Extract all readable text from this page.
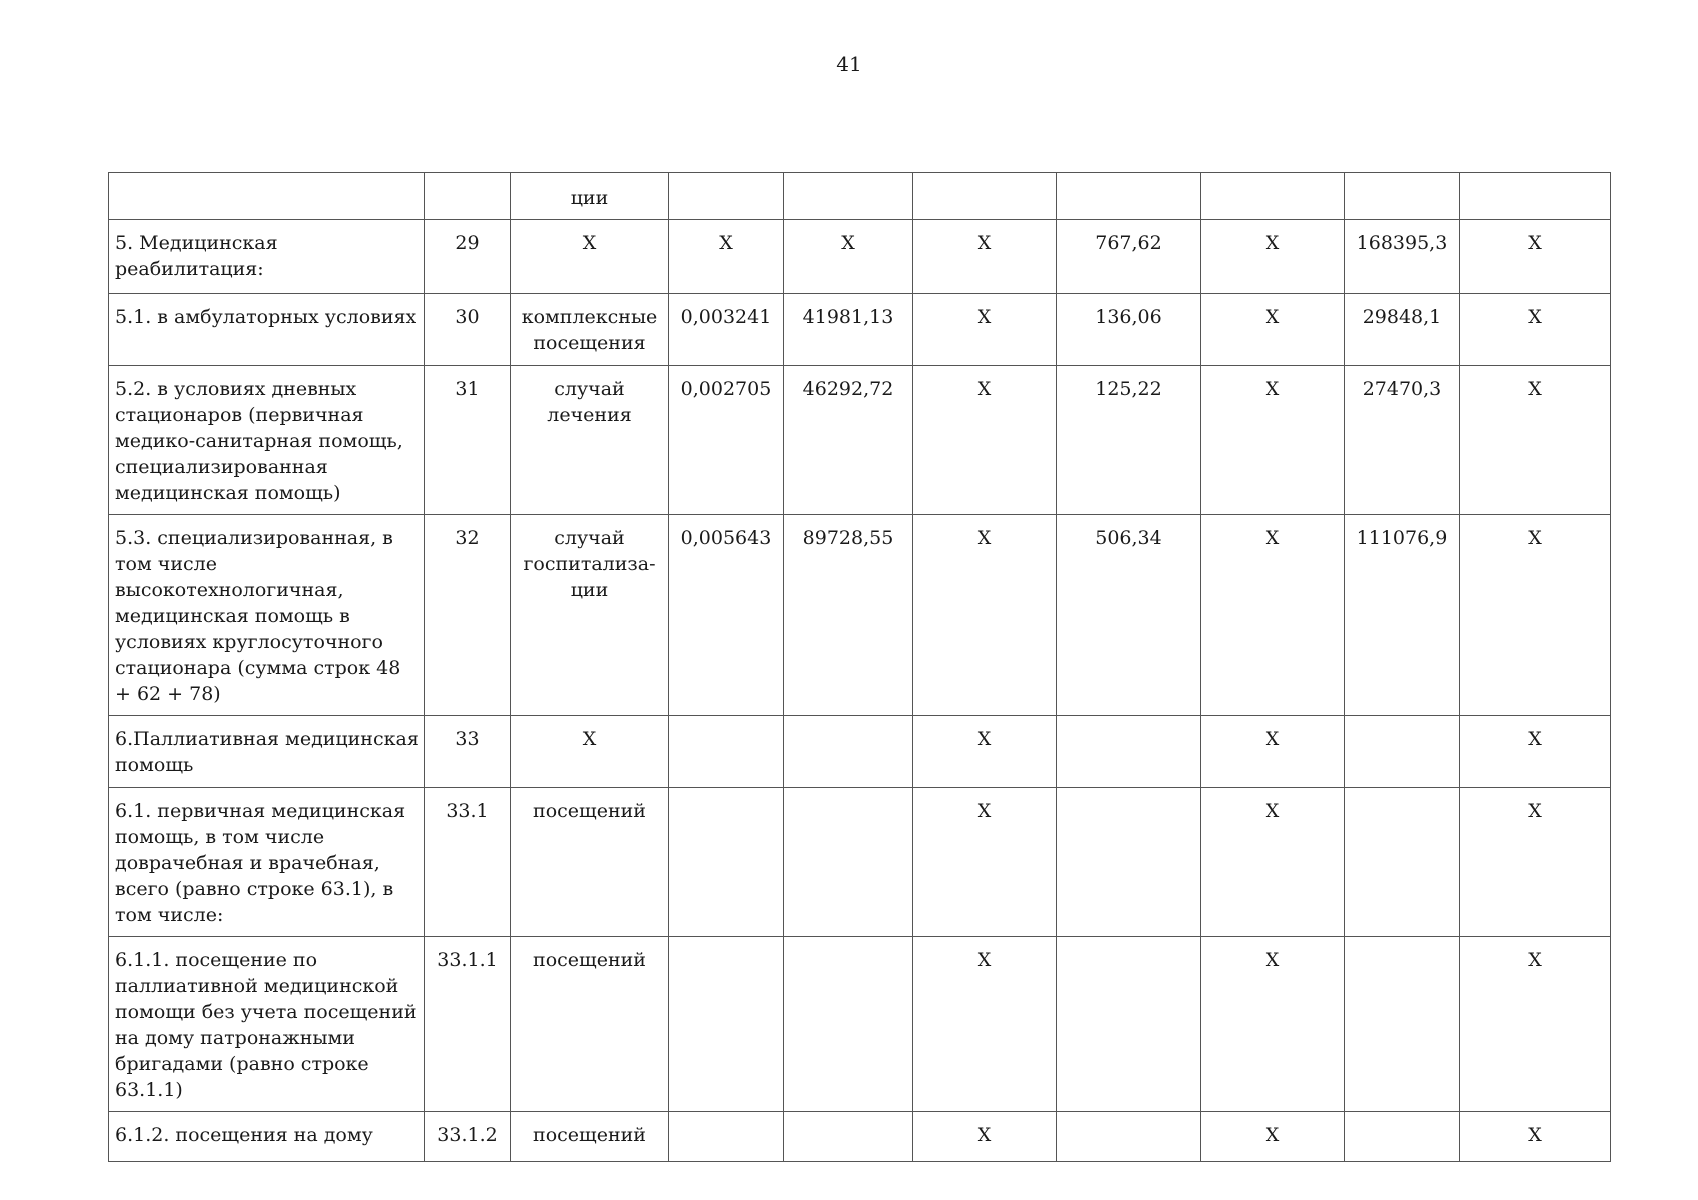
41
		ции							
5. Медицинская реабилитация:	29	Х	Х	Х	Х	767,62	Х	168395,3	Х
5.1. в амбулаторных условиях	30	комплексные посещения	0,003241	41981,13	Х	136,06	Х	29848,1	Х
5.2. в условиях дневных стационаров (первичная медико-санитарная помощь, специализированная медицинская помощь)	31	случай лечения	0,002705	46292,72	Х	125,22	Х	27470,3	Х
5.3. специализированная, в том числе высокотехнологичная, медицинская помощь в условиях круглосуточного стационара (сумма строк 48 + 62 + 78)	32	случай госпитализа-ции	0,005643	89728,55	Х	506,34	Х	111076,9	Х
6.Паллиативная медицинская помощь	33	Х			Х		Х		Х
6.1. первичная медицинская помощь, в том числе доврачебная и врачебная, всего (равно строке 63.1), в том числе:	33.1	посещений			Х		Х		Х
6.1.1. посещение по паллиативной медицинской помощи без учета посещений на дому патронажными бригадами (равно строке 63.1.1)	33.1.1	посещений			Х		Х		Х
6.1.2. посещения на дому	33.1.2	посещений			Х		Х		Х
